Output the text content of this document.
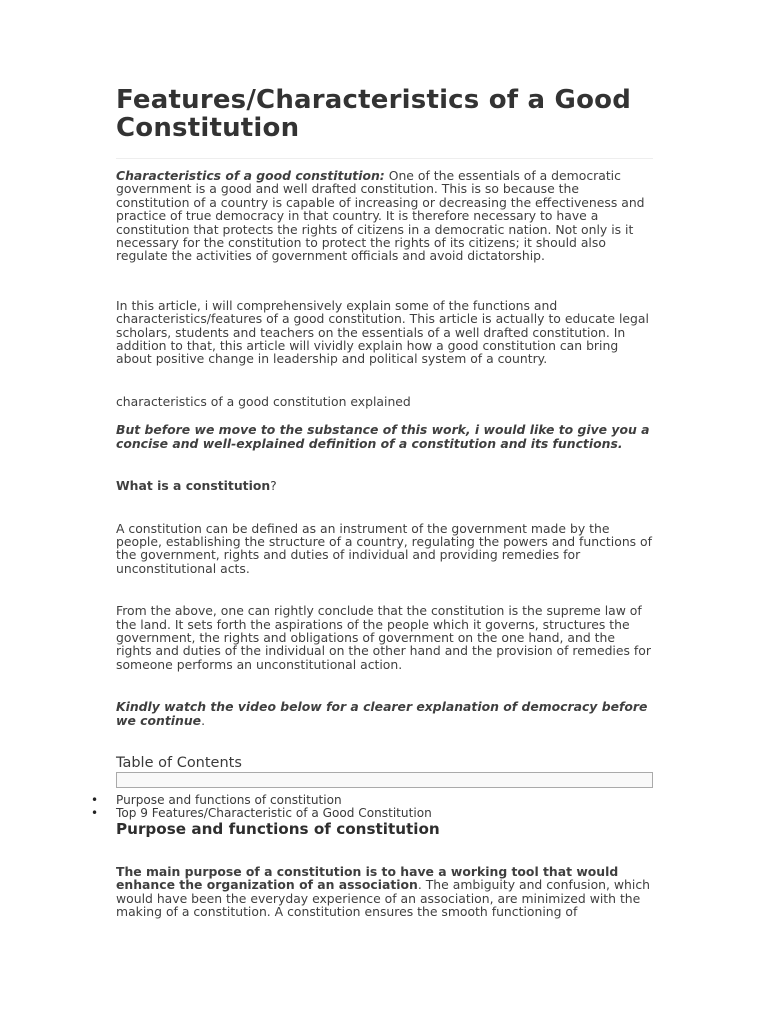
Features/Characteristics of a Good Constitution

Characteristics of a good constitution: One of the essentials of a democratic government is a good and well drafted constitution. This is so because the constitution of a country is capable of increasing or decreasing the effectiveness and practice of true democracy in that country. It is therefore necessary to have a constitution that protects the rights of citizens in a democratic nation. Not only is it necessary for the constitution to protect the rights of its citizens; it should also regulate the activities of government officials and avoid dictatorship.

In this article, i will comprehensively explain some of the functions and characteristics/features of a good constitution. This article is actually to educate legal scholars, students and teachers on the essentials of a well drafted constitution. In addition to that, this article will vividly explain how a good constitution can bring about positive change in leadership and political system of a country.

characteristics of a good constitution explained

But before we move to the substance of this work, i would like to give you a concise and well-explained definition of a constitution and its functions.

What is a constitution?

A constitution can be defined as an instrument of the government made by the people, establishing the structure of a country, regulating the powers and functions of the government, rights and duties of individual and providing remedies for unconstitutional acts.

From the above, one can rightly conclude that the constitution is the supreme law of the land. It sets forth the aspirations of the people which it governs, structures the government, the rights and obligations of government on the one hand, and the rights and duties of the individual on the other hand and the provision of remedies for someone performs an unconstitutional action.

Kindly watch the video below for a clearer explanation of democracy before we continue.

Table of Contents
• Purpose and functions of constitution
• Top 9 Features/Characteristic of a Good Constitution
Purpose and functions of constitution

The main purpose of a constitution is to have a working tool that would enhance the organization of an association. The ambiguity and confusion, which would have been the everyday experience of an association, are minimized with the making of a constitution. A constitution ensures the smooth functioning of
